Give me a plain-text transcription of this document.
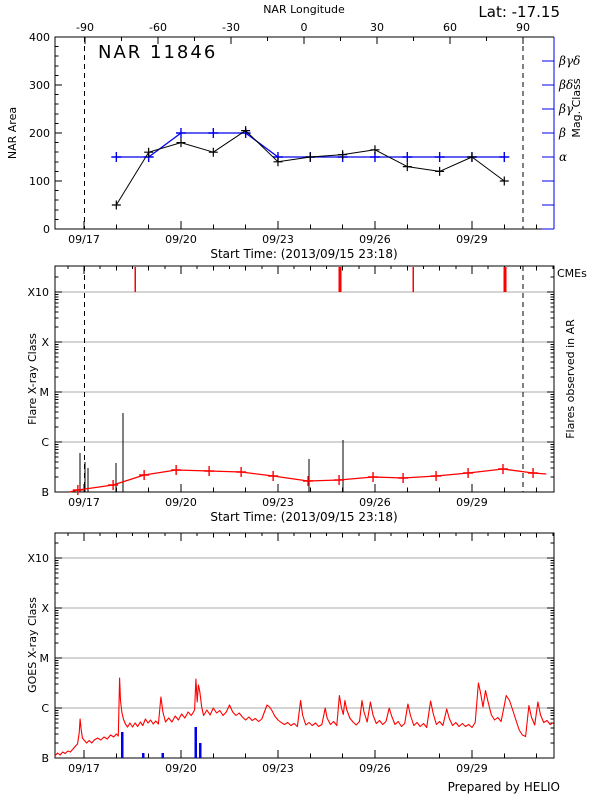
0
100
200
300
400
-90	-60	-30	0	30	60	90
09/17	09/20	09/23	09/26	09/29
βγδ
βδ
βγ
β
α
NAR 11846
Lat: -17.15
NAR Longitude
NAR Area	Mag. Class
Start Time: (2013/09/15 23:18)
B
C
M
X
X10
09/17	09/20	09/23	09/26	09/29
Flare X-ray Class	Flares observed in AR
CMEs
Start Time: (2013/09/15 23:18)
B
C
M
X
X10
09/17	09/20	09/23	09/26	09/29
GOES X-ray Class
Prepared by HELIO
